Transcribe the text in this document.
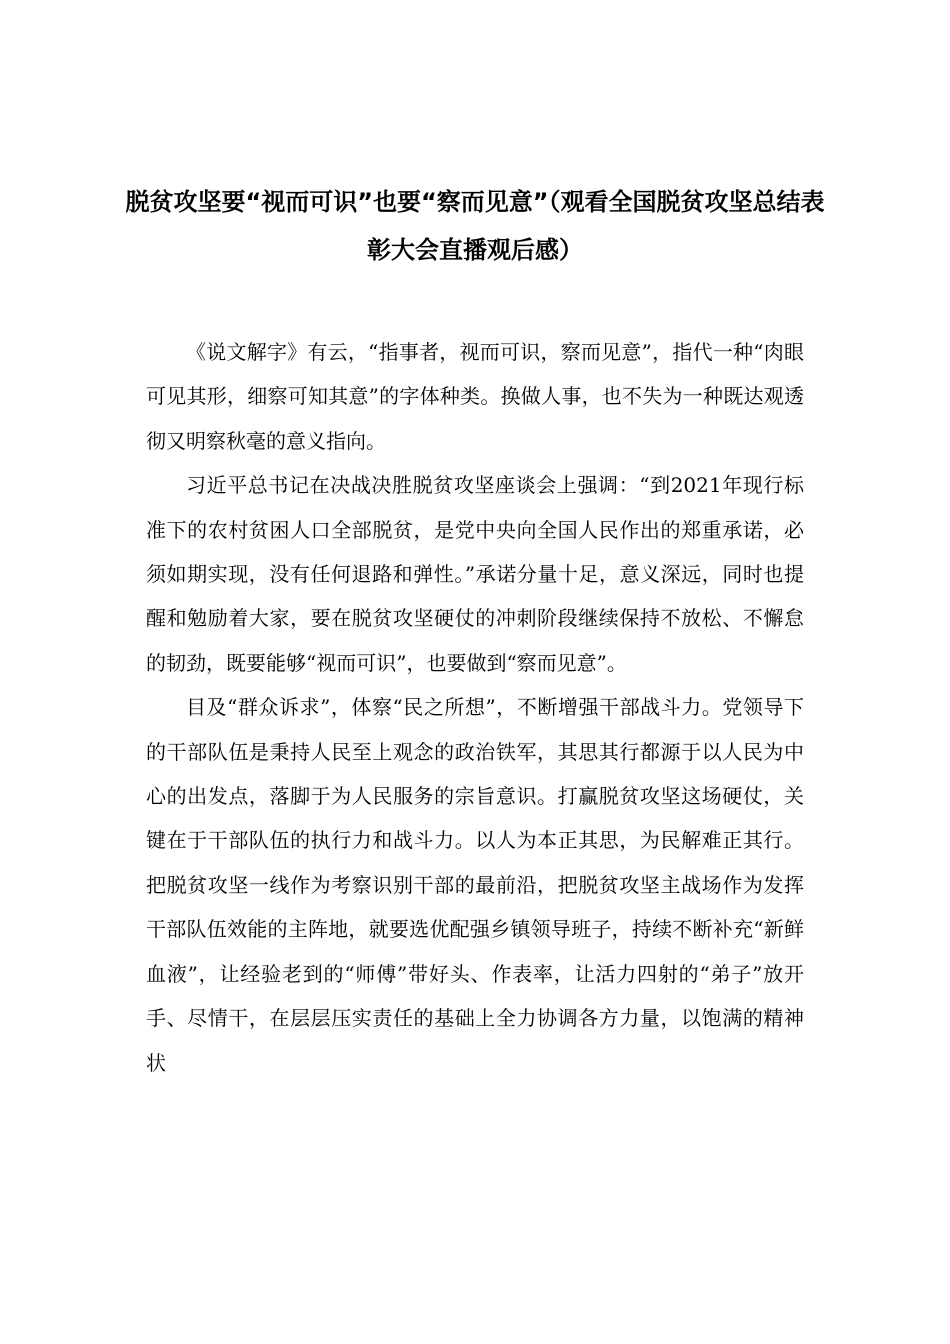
脱贫攻坚要“视而可识”也要“察而见意”（观看全国脱贫攻坚总结表彰大会直播观后感）

《说文解字》有云，“指事者，视而可识，察而见意”，指代一种“肉眼可见其形，细察可知其意”的字体种类。换做人事，也不失为一种既达观透彻又明察秋毫的意义指向。

习近平总书记在决战决胜脱贫攻坚座谈会上强调：“到2021年现行标准下的农村贫困人口全部脱贫，是党中央向全国人民作出的郑重承诺，必须如期实现，没有任何退路和弹性。”承诺分量十足，意义深远，同时也提醒和勉励着大家，要在脱贫攻坚硬仗的冲刺阶段继续保持不放松、不懈怠的韧劲，既要能够“视而可识”，也要做到“察而见意”。

目及“群众诉求”，体察“民之所想”，不断增强干部战斗力。党领导下的干部队伍是秉持人民至上观念的政治铁军，其思其行都源于以人民为中心的出发点，落脚于为人民服务的宗旨意识。打赢脱贫攻坚这场硬仗，关键在于干部队伍的执行力和战斗力。以人为本正其思，为民解难正其行。把脱贫攻坚一线作为考察识别干部的最前沿，把脱贫攻坚主战场作为发挥干部队伍效能的主阵地，就要选优配强乡镇领导班子，持续不断补充“新鲜血液”，让经验老到的“师傅”带好头、作表率，让活力四射的“弟子”放开手、尽情干，在层层压实责任的基础上全力协调各方力量，以饱满的精神状
